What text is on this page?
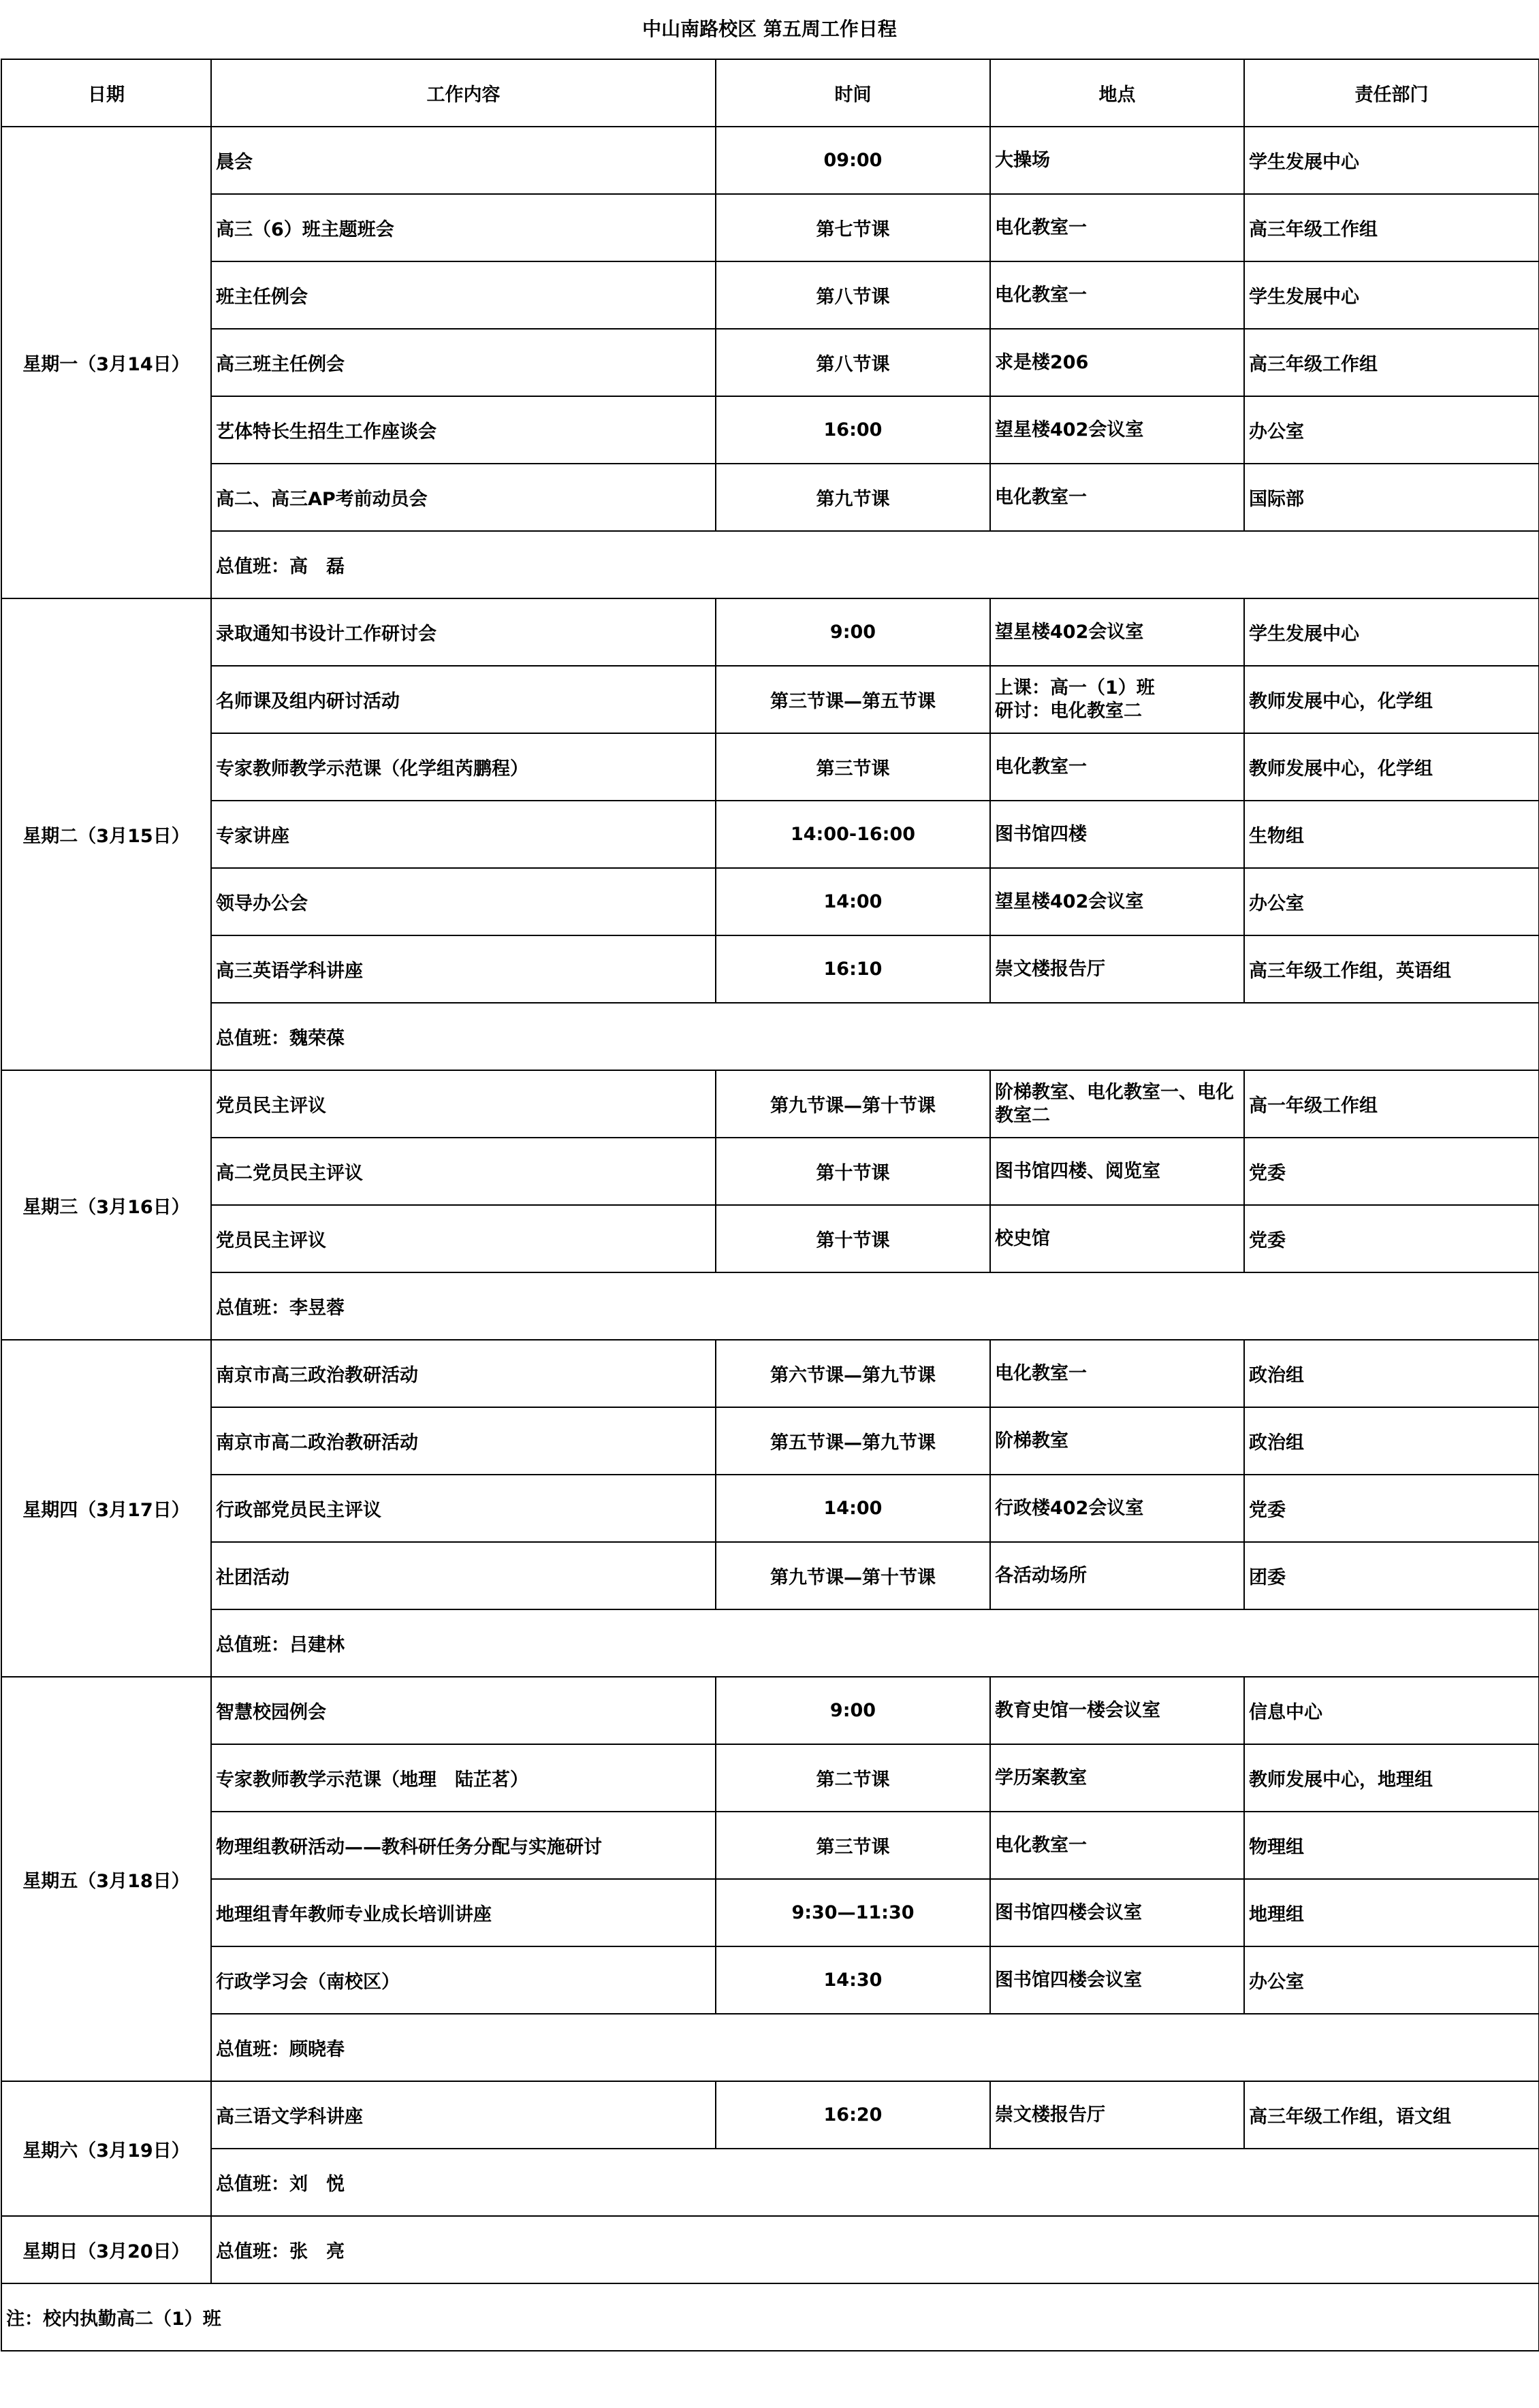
中山南路校区 第五周工作日程
日期	工作内容	时间	地点	责任部门
星期一（3月14日）	晨会	09:00	大操场	学生发展中心
	高三（6）班主题班会	第七节课	电化教室一	高三年级工作组
	班主任例会	第八节课	电化教室一	学生发展中心
	高三班主任例会	第八节课	求是楼206	高三年级工作组
	艺体特长生招生工作座谈会	16:00	望星楼402会议室	办公室
	高二、高三AP考前动员会	第九节课	电化教室一	国际部
	总值班：高　磊			
星期二（3月15日）	录取通知书设计工作研讨会	9:00	望星楼402会议室	学生发展中心
	名师课及组内研讨活动	第三节课—第五节课	上课：高一（1）班
研讨：电化教室二	教师发展中心，化学组
	专家教师教学示范课（化学组芮鹏程）	第三节课	电化教室一	教师发展中心，化学组
	专家讲座	14:00-16:00	图书馆四楼	生物组
	领导办公会	14:00	望星楼402会议室	办公室
	高三英语学科讲座	16:10	崇文楼报告厅	高三年级工作组，英语组
	总值班：魏荣葆			
星期三（3月16日）	党员民主评议	第九节课—第十节课	阶梯教室、电化教室一、电化教室二	高一年级工作组
	高二党员民主评议	第十节课	图书馆四楼、阅览室	党委
	党员民主评议	第十节课	校史馆	党委
	总值班：李昱蓉			
星期四（3月17日）	南京市高三政治教研活动	第六节课—第九节课	电化教室一	政治组
	南京市高二政治教研活动	第五节课—第九节课	阶梯教室	政治组
	行政部党员民主评议	14:00	行政楼402会议室	党委
	社团活动	第九节课—第十节课	各活动场所	团委
	总值班：吕建林			
星期五（3月18日）	智慧校园例会	9:00	教育史馆一楼会议室	信息中心
	专家教师教学示范课（地理　陆芷茗）	第二节课	学历案教室	教师发展中心，地理组
	物理组教研活动——教科研任务分配与实施研讨	第三节课	电化教室一	物理组
	地理组青年教师专业成长培训讲座	9:30—11:30	图书馆四楼会议室	地理组
	行政学习会（南校区）	14:30	图书馆四楼会议室	办公室
	总值班：顾晓春			
星期六（3月19日）	高三语文学科讲座	16:20	崇文楼报告厅	高三年级工作组，语文组
	总值班：刘　悦			
星期日（3月20日）	总值班：张　亮			
注：校内执勤高二（1）班				
